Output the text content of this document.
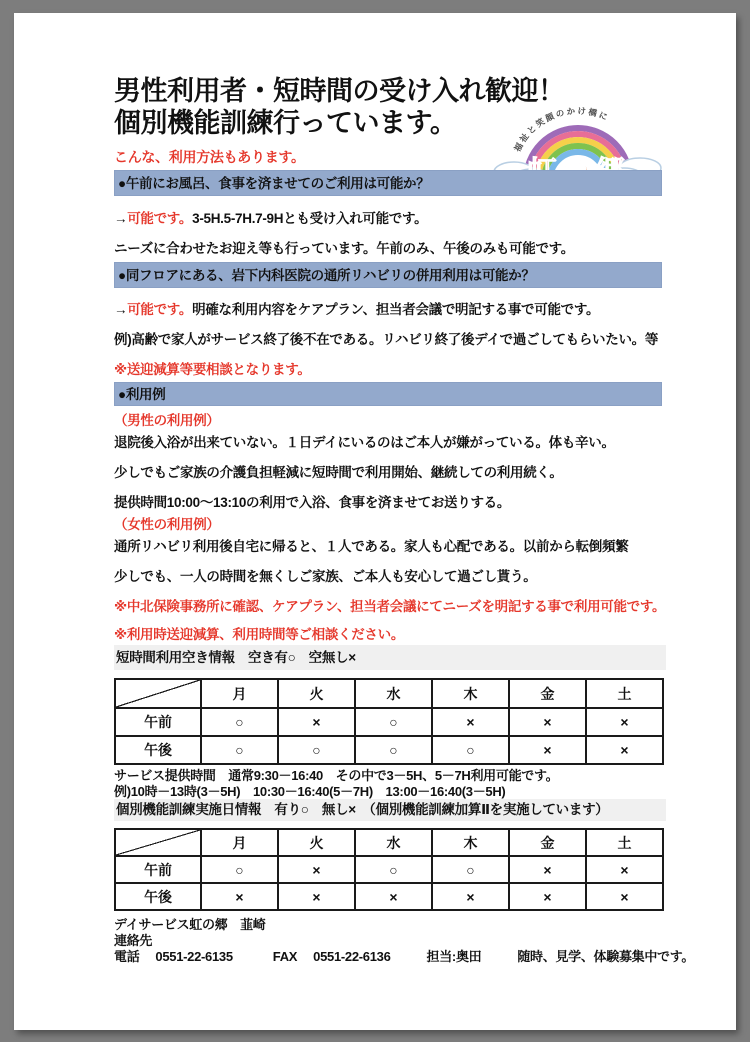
男性利用者・短時間の受け入れ歓迎！
個別機能訓練行っています。
こんな、利用方法もあります。
福祉と笑顔のかけ橋に
●午前にお風呂、食事を済ませてのご利用は可能か？
→可能です。3-5H.5-7H.7-9Hとも受け入れ可能です。
ニーズに合わせたお迎え等も行っています。午前のみ、午後のみも可能です。
●同フロアにある、岩下内科医院の通所リハビリの併用利用は可能か？
→可能です。明確な利用内容をケアプラン、担当者会議で明記する事で可能です。
例)高齢で家人がサービス終了後不在である。リハビリ終了後デイで過ごしてもらいたい。等
※送迎減算等要相談となります。
●利用例
（男性の利用例）
退院後入浴が出来ていない。１日デイにいるのはご本人が嫌がっている。体も辛い。
少しでもご家族の介護負担軽減に短時間で利用開始、継続しての利用続く。
提供時間10:00～13:10の利用で入浴、食事を済ませてお送りする。
（女性の利用例）
通所リハビリ利用後自宅に帰ると、１人である。家人も心配である。以前から転倒頻繁
少しでも、一人の時間を無くしご家族、ご本人も安心して過ごし貰う。
※中北保険事務所に確認、ケアプラン、担当者会議にてニーズを明記する事で利用可能です。
※利用時送迎減算、利用時間等ご相談ください。
短時間利用空き情報　空き有○　空無し×
	月	火	水	木	金	土
午前	○	×	○	×	×	×
午後	○	○	○	○	×	×
サービス提供時間　通常9:30－16:40　その中で3－5H、5－7H利用可能です。
例)10時－13時(3－5H)　10:30－16:40(5－7H)　13:00－16:40(3－5H)
個別機能訓練実施日情報　有り○　無し×　（個別機能訓練加算Ⅱを実施しています）
	月	火	水	木	金	土
午前	○	×	○	○	×	×
午後	×	×	×	×	×	×
デイサービス虹の郷　韮崎
連絡先
電話 0551-22-6135	FAX 0551-22-6136	担当:奥田	随時、見学、体験募集中です。
